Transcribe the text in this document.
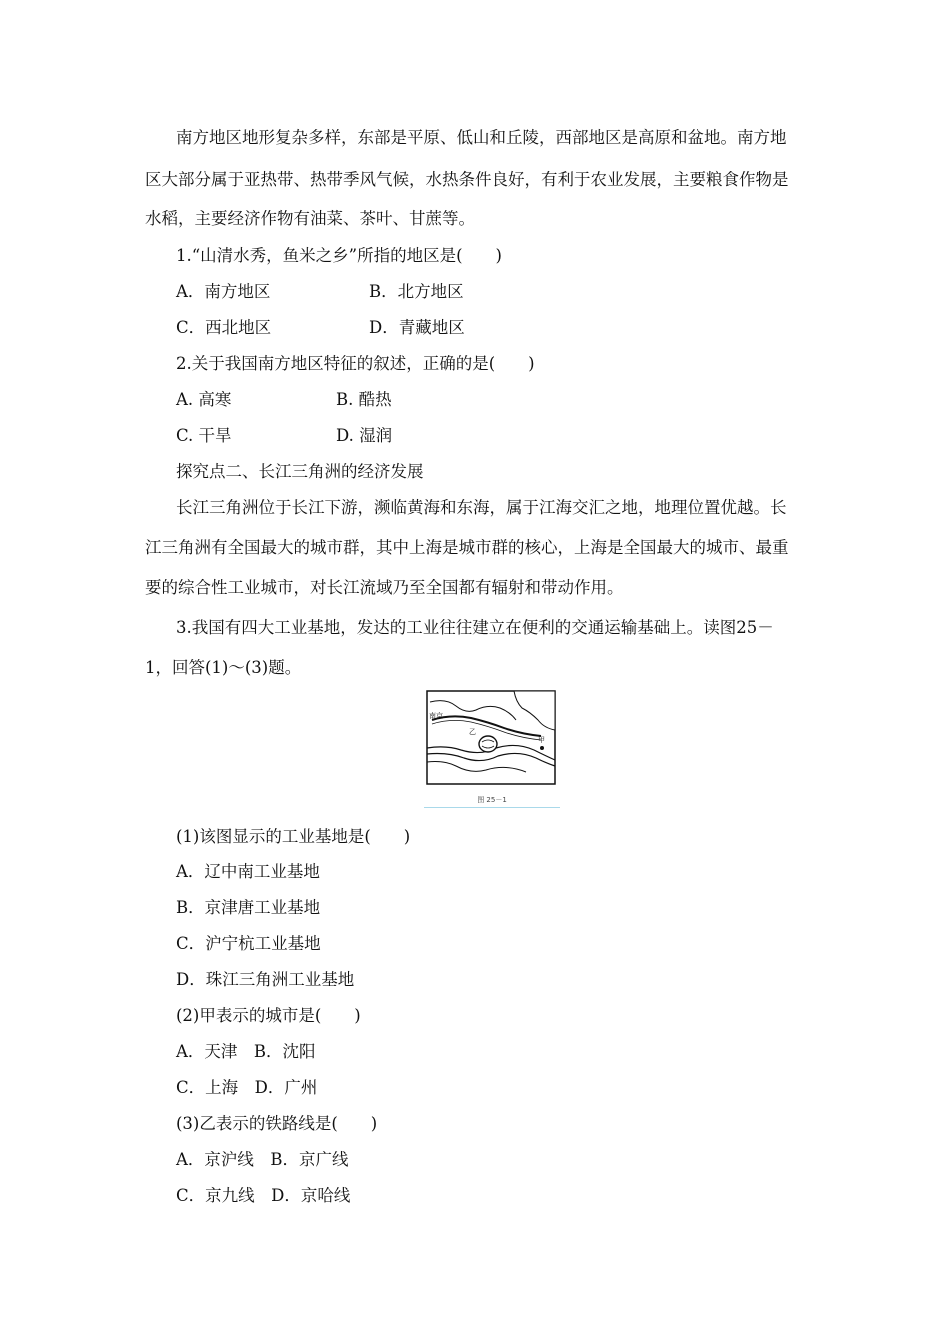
南方地区地形复杂多样，东部是平原、低山和丘陵，西部地区是高原和盆地。南方地
区大部分属于亚热带、热带季风气候，水热条件良好，有利于农业发展，主要粮食作物是
水稻，主要经济作物有油菜、茶叶、甘蔗等。
1.“山清水秀，鱼米之乡”所指的地区是(　　)
A．南方地区	B．北方地区
C．西北地区	D．青藏地区
2.关于我国南方地区特征的叙述，正确的是(　　)
A. 高寒	B. 酷热
C. 干旱	D. 湿润
探究点二、长江三角洲的经济发展
长江三角洲位于长江下游，濒临黄海和东海，属于江海交汇之地，地理位置优越。长
江三角洲有全国最大的城市群，其中上海是城市群的核心，上海是全国最大的城市、最重
要的综合性工业城市，对长江流域乃至全国都有辐射和带动作用。
3.我国有四大工业基地，发达的工业往往建立在便利的交通运输基础上。读图25－
1，回答(1)～(3)题。
南京
乙
甲
图 25－1
(1)该图显示的工业基地是(　　)
A．辽中南工业基地
B．京津唐工业基地
C．沪宁杭工业基地
D．珠江三角洲工业基地
(2)甲表示的城市是(　　)
A．天津　B．沈阳
C．上海　D．广州
(3)乙表示的铁路线是(　　)
A．京沪线　B．京广线
C．京九线　D．京哈线
